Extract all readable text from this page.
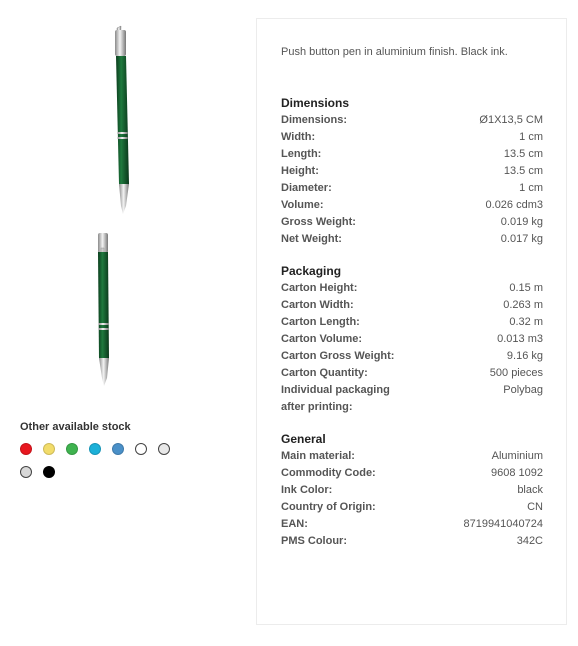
Other available stock
Push button pen in aluminium finish. Black ink.
Dimensions
Dimensions:	Ø1X13,5 CM
Width:	1 cm
Length:	13.5 cm
Height:	13.5 cm
Diameter:	1 cm
Volume:	0.026 cdm3
Gross Weight:	0.019 kg
Net Weight:	0.017 kg
Packaging
Carton Height:	0.15 m
Carton Width:	0.263 m
Carton Length:	0.32 m
Carton Volume:	0.013 m3
Carton Gross Weight:	9.16 kg
Carton Quantity:	500 pieces
Individual packaging after printing:
Polybag
General
Main material:	Aluminium
Commodity Code:	9608 1092
Ink Color:	black
Country of Origin:	CN
EAN:	8719941040724
PMS Colour:	342C
